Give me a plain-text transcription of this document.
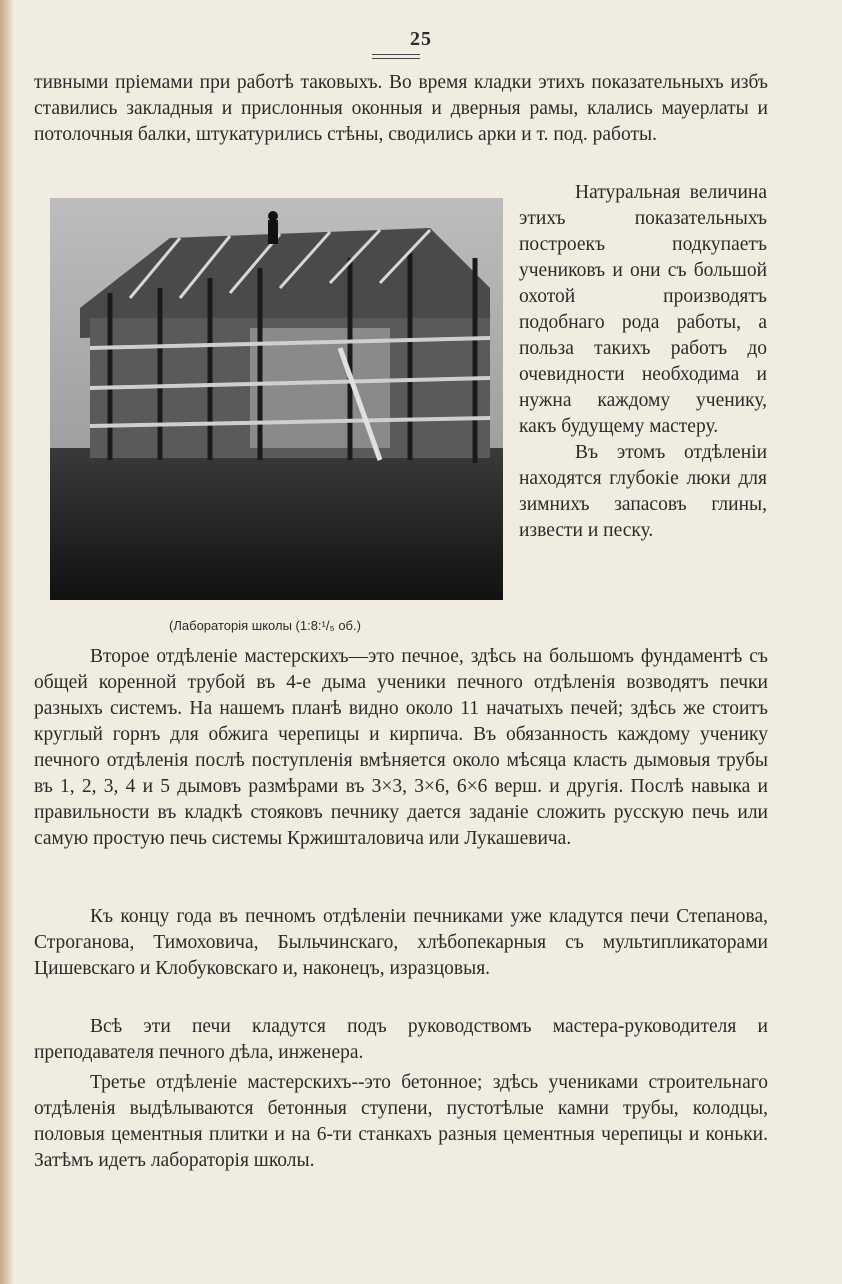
25
тивными пріемами при работѣ таковыхъ. Во время кладки этихъ показательныхъ избъ ставились закладныя и прислонныя оконныя и дверныя рамы, клались мауерлаты и потолочныя балки, штукатурились стѣны, сводились арки и т. под. работы.
(Лабораторія школы (1:8:¹/₅ об.)

Натуральная величина этихъ показательныхъ построекъ подкупаетъ учениковъ и они съ большой охотой производятъ подобнаго рода работы, а польза такихъ работъ до очевидности необходима и нужна каждому ученику, какъ будущему мастеру.

Въ этомъ отдѣленіи находятся глубокіе люки для зимнихъ запасовъ глины, извести и песку.

Второе отдѣленіе мастерскихъ—это печное, здѣсь на большомъ фундаментѣ съ общей коренной трубой въ 4-е дыма ученики печного отдѣленія возводятъ печки разныхъ системъ. На нашемъ планѣ видно около 11 начатыхъ печей; здѣсь же стоитъ круглый горнъ для обжига черепицы и кирпича. Въ обязанность каждому ученику печного отдѣленія послѣ поступленія вмѣняется около мѣсяца класть дымовыя трубы въ 1, 2, 3, 4 и 5 дымовъ размѣрами въ 3×3, 3×6, 6×6 верш. и другія. Послѣ навыка и правильности въ кладкѣ стояковъ печнику дается заданіе сложить русскую печь или самую простую печь системы Кржишталовича или Лукашевича.

Къ концу года въ печномъ отдѣленіи печниками уже кладутся печи Степанова, Строганова, Тимоховича, Быльчинскаго, хлѣбопекарныя съ мультипликаторами Цишевскаго и Клобуковскаго и, наконецъ, изразцовыя.

Всѣ эти печи кладутся подъ руководствомъ мастера-руководителя и преподавателя печного дѣла, инженера.

Третье отдѣленіе мастерскихъ--это бетонное; здѣсь учениками строительнаго отдѣленія выдѣлываются бетонныя ступени, пустотѣлые камни трубы, колодцы, половыя цементныя плитки и на 6-ти станкахъ разныя цементныя черепицы и коньки. Затѣмъ идетъ лабораторія школы.
